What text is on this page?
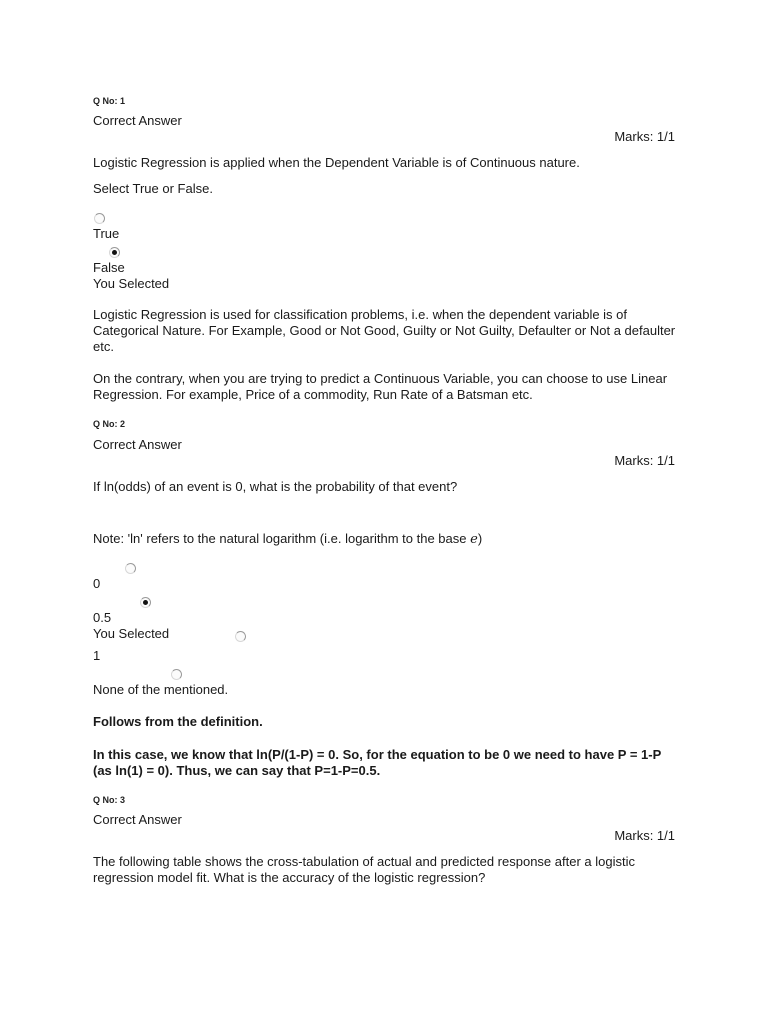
Q No: 1
Correct Answer
Marks: 1/1
Logistic Regression is applied when the Dependent Variable is of Continuous nature.
Select True or False.

True

False
You Selected
Logistic Regression is used for classification problems, i.e. when the dependent variable is of Categorical Nature. For Example, Good or Not Good, Guilty or Not Guilty, Defaulter or Not a defaulter etc.
On the contrary, when you are trying to predict a Continuous Variable, you can choose to use Linear Regression. For example, Price of a commodity, Run Rate of a Batsman etc.
Q No: 2
Correct Answer
Marks: 1/1
If ln(odds) of an event is 0, what is the probability of that event?
Note: 'ln' refers to the natural logarithm (i.e. logarithm to the base e)

0

0.5
You Selected

1
None of the mentioned.
Follows from the definition.
In this case, we know that ln(P/(1-P) = 0. So, for the equation to be 0 we need to have P = 1-P (as ln(1) = 0). Thus, we can say that P=1-P=0.5.
Q No: 3
Correct Answer
Marks: 1/1
The following table shows the cross-tabulation of actual and predicted response after a logistic regression model fit. What is the accuracy of the logistic regression?
